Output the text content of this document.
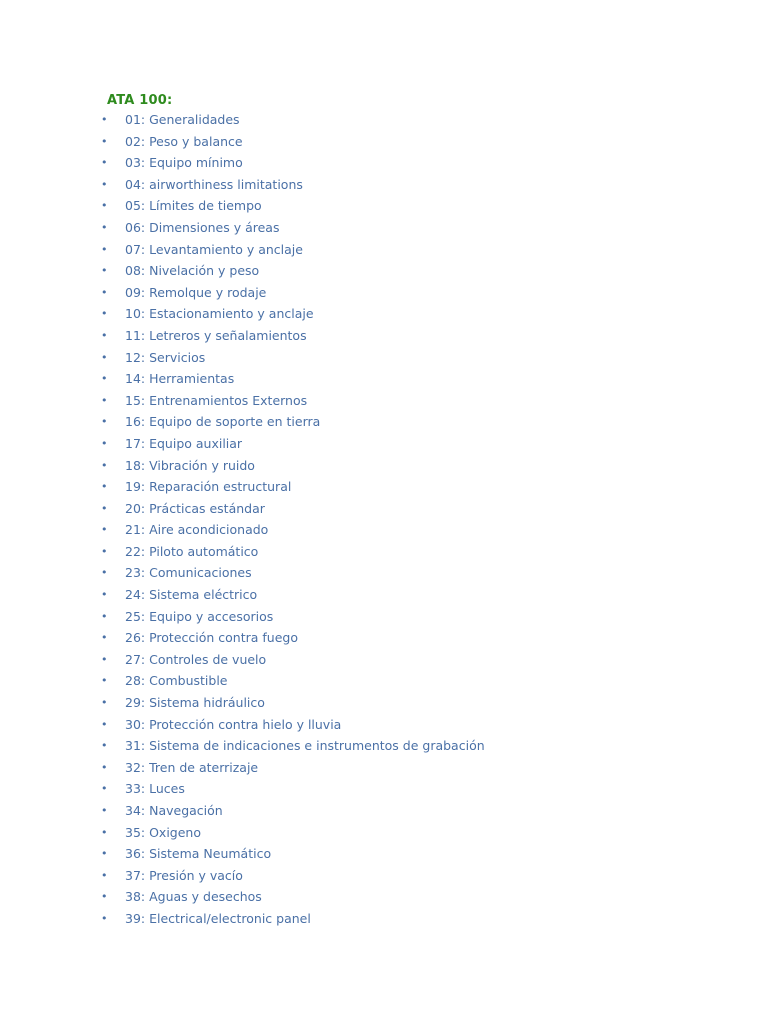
ATA 100:
• 01: Generalidades
• 02: Peso y balance
• 03: Equipo mínimo
• 04: airworthiness limitations
• 05: Límites de tiempo
• 06: Dimensiones y áreas
• 07: Levantamiento y anclaje
• 08: Nivelación y peso
• 09: Remolque y rodaje
• 10: Estacionamiento y anclaje
• 11: Letreros y señalamientos
• 12: Servicios
• 14: Herramientas
• 15: Entrenamientos Externos
• 16: Equipo de soporte en tierra
• 17: Equipo auxiliar
• 18: Vibración y ruido
• 19: Reparación estructural
• 20: Prácticas estándar
• 21: Aire acondicionado
• 22: Piloto automático
• 23: Comunicaciones
• 24: Sistema eléctrico
• 25: Equipo y accesorios
• 26: Protección contra fuego
• 27: Controles de vuelo
• 28: Combustible
• 29: Sistema hidráulico
• 30: Protección contra hielo y lluvia
• 31: Sistema de indicaciones e instrumentos de grabación
• 32: Tren de aterrizaje
• 33: Luces
• 34: Navegación
• 35: Oxigeno
• 36: Sistema Neumático
• 37: Presión y vacío
• 38: Aguas y desechos
• 39: Electrical/electronic panel
